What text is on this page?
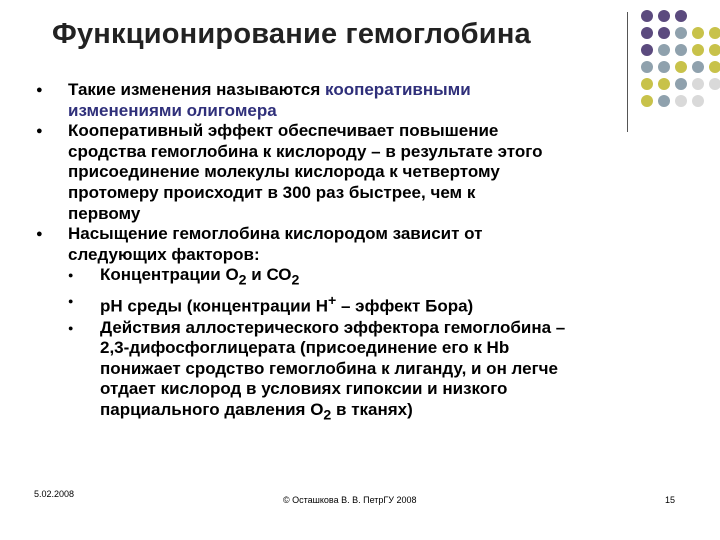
Функционирование гемоглобина
● Такие изменения называются кооперативными
изменениями олигомера
● Кооперативный эффект обеспечивает повышение
сродства гемоглобина к кислороду – в результате этого
присоединение молекулы кислорода к четвертому
протомеру происходит в 300 раз быстрее, чем к
первому
● Насыщение гемоглобина кислородом зависит от
следующих факторов:
● Концентрации $О_2$ и $СО_2$
● рН среды (концентрации Н+ – эффект Бора)
● Действия аллостерического эффектора гемоглобина –
2,3-дифосфоглицерата (присоединение его к Hb
понижает сродство гемоглобина к лиганду, и он легче
отдает кислород в условиях гипоксии и низкого
парциального давления $О_2$ в тканях)
5.02.2008
© Осташкова В. В. ПетрГУ 2008	15
